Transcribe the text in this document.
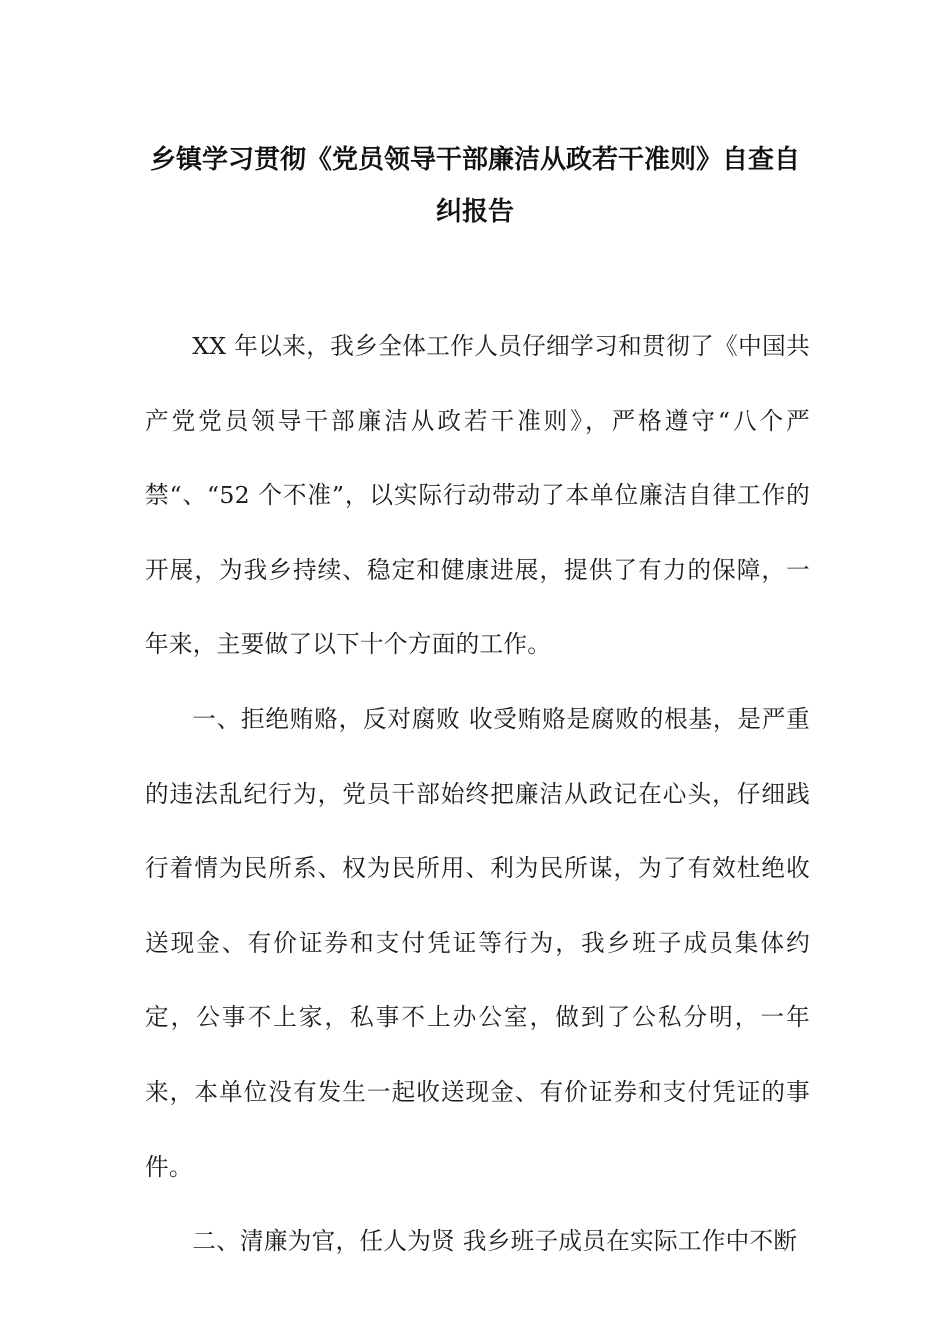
乡镇学习贯彻《党员领导干部廉洁从政若干准则》自查自纠报告

XX 年以来，我乡全体工作人员仔细学习和贯彻了《中国共产党党员领导干部廉洁从政若干准则》，严格遵守“八个严禁“、“52 个不准”，以实际行动带动了本单位廉洁自律工作的开展，为我乡持续、稳定和健康进展，提供了有力的保障，一年来，主要做了以下十个方面的工作。

一、拒绝贿赂，反对腐败 收受贿赂是腐败的根基，是严重的违法乱纪行为，党员干部始终把廉洁从政记在心头，仔细践行着情为民所系、权为民所用、利为民所谋，为了有效杜绝收送现金、有价证券和支付凭证等行为，我乡班子成员集体约定，公事不上家，私事不上办公室，做到了公私分明，一年来，本单位没有发生一起收送现金、有价证券和支付凭证的事件。

二、清廉为官，任人为贤 我乡班子成员在实际工作中不断
